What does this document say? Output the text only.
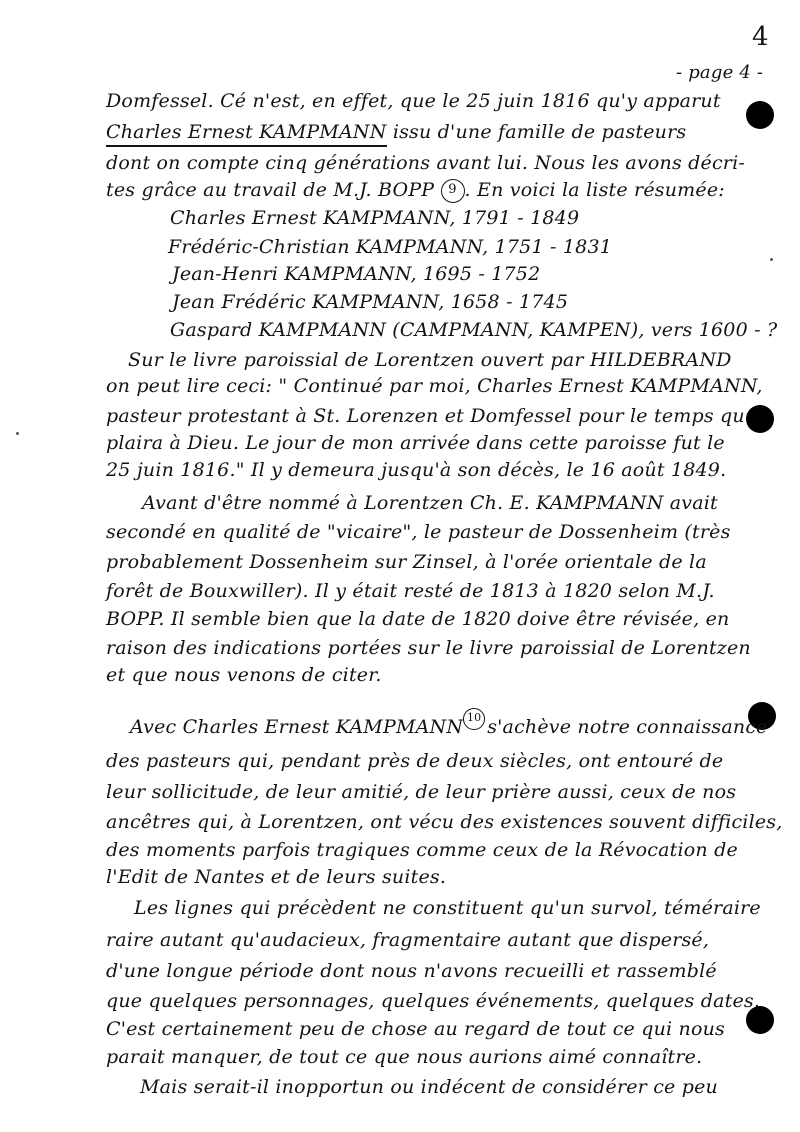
4
- page 4 -
Domfessel. Cé n'est, en effet, que le 25 juin 1816 qu'y apparut
Charles Ernest KAMPMANN issu d'une famille de pasteurs
dont on compte cinq générations avant lui. Nous les avons décri-
tes grâce au travail de M.J. BOPP 9 . En voici la liste résumée:
Charles Ernest KAMPMANN, 1791 - 1849
Frédéric-Christian KAMPMANN, 1751 - 1831
Jean-Henri KAMPMANN, 1695 - 1752
Jean Frédéric KAMPMANN, 1658 - 1745
Gaspard KAMPMANN (CAMPMANN, KAMPEN), vers 1600 - ?
Sur le livre paroissial de Lorentzen ouvert par HILDEBRAND
on peut lire ceci: " Continué par moi, Charles Ernest KAMPMANN,
pasteur protestant à St. Lorenzen et Domfessel pour le temps qu
plaira à Dieu. Le jour de mon arrivée dans cette paroisse fut le
25 juin 1816." Il y demeura jusqu'à son décès, le 16 août 1849.
Avant d'être nommé à Lorentzen Ch. E. KAMPMANN avait
secondé en qualité de "vicaire", le pasteur de Dossenheim (très
probablement Dossenheim sur Zinsel, à l'orée orientale de la
forêt de Bouxwiller). Il y était resté de 1813 à 1820 selon M.J.
BOPP. Il semble bien que la date de 1820 doive être révisée, en
raison des indications portées sur le livre paroissial de Lorentzen
et que nous venons de citer.
Avec Charles Ernest KAMPMANN 10 s'achève notre connaissance
des pasteurs qui, pendant près de deux siècles, ont entouré de
leur sollicitude, de leur amitié, de leur prière aussi, ceux de nos
ancêtres qui, à Lorentzen, ont vécu des existences souvent difficiles,
des moments parfois tragiques comme ceux de la Révocation de
l'Edit de Nantes et de leurs suites.
Les lignes qui précèdent ne constituent qu'un survol, téméraire
raire autant qu'audacieux, fragmentaire autant que dispersé,
d'une longue période dont nous n'avons recueilli et rassemblé
que quelques personnages, quelques événements, quelques dates.
C'est certainement peu de chose au regard de tout ce qui nous
parait manquer, de tout ce que nous aurions aimé connaître.
Mais serait-il inopportun ou indécent de considérer ce peu
